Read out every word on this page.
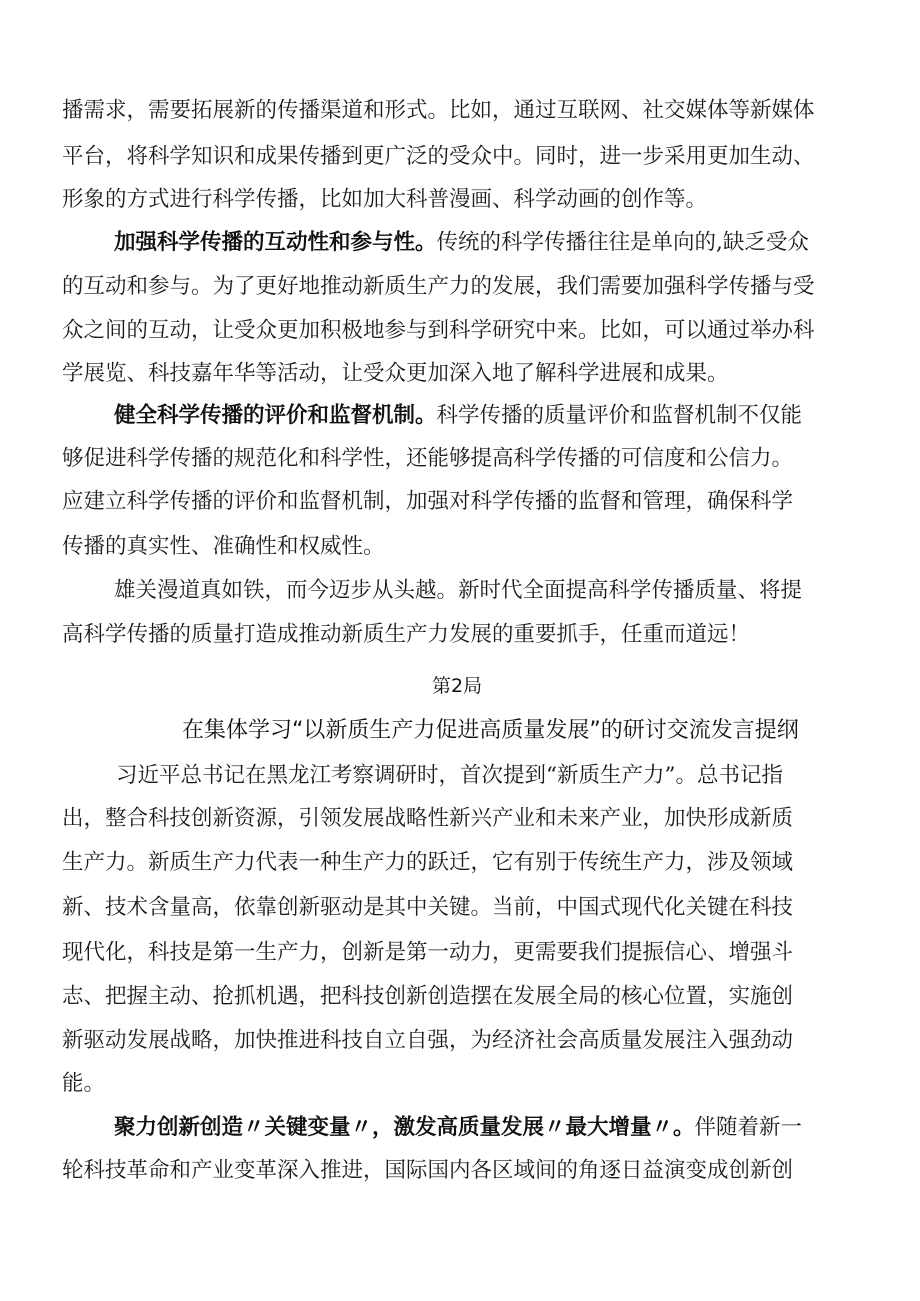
播需求，需要拓展新的传播渠道和形式。比如，通过互联网、社交媒体等新媒体
平台，将科学知识和成果传播到更广泛的受众中。同时，进一步采用更加生动、
形象的方式进行科学传播，比如加大科普漫画、科学动画的创作等。
加强科学传播的互动性和参与性。传统的科学传播往往是单向的,缺乏受众
的互动和参与。为了更好地推动新质生产力的发展，我们需要加强科学传播与受
众之间的互动，让受众更加积极地参与到科学研究中来。比如，可以通过举办科
学展览、科技嘉年华等活动，让受众更加深入地了解科学进展和成果。
健全科学传播的评价和监督机制。科学传播的质量评价和监督机制不仅能
够促进科学传播的规范化和科学性，还能够提高科学传播的可信度和公信力。
应建立科学传播的评价和监督机制，加强对科学传播的监督和管理，确保科学
传播的真实性、准确性和权威性。
雄关漫道真如铁，而今迈步从头越。新时代全面提高科学传播质量、将提
高科学传播的质量打造成推动新质生产力发展的重要抓手，任重而道远！
第2局
在集体学习“以新质生产力促进高质量发展”的研讨交流发言提纲
习近平总书记在黑龙江考察调研时，首次提到“新质生产力”。总书记指
出，整合科技创新资源，引领发展战略性新兴产业和未来产业，加快形成新质
生产力。新质生产力代表一种生产力的跃迁，它有别于传统生产力，涉及领域
新、技术含量高，依靠创新驱动是其中关键。当前，中国式现代化关键在科技
现代化，科技是第一生产力，创新是第一动力，更需要我们提振信心、增强斗
志、把握主动、抢抓机遇，把科技创新创造摆在发展全局的核心位置，实施创
新驱动发展战略，加快推进科技自立自强，为经济社会高质量发展注入强劲动
能。
聚力创新创造〃关键变量〃，激发高质量发展〃最大增量〃。伴随着新一
轮科技革命和产业变革深入推进，国际国内各区域间的角逐日益演变成创新创
